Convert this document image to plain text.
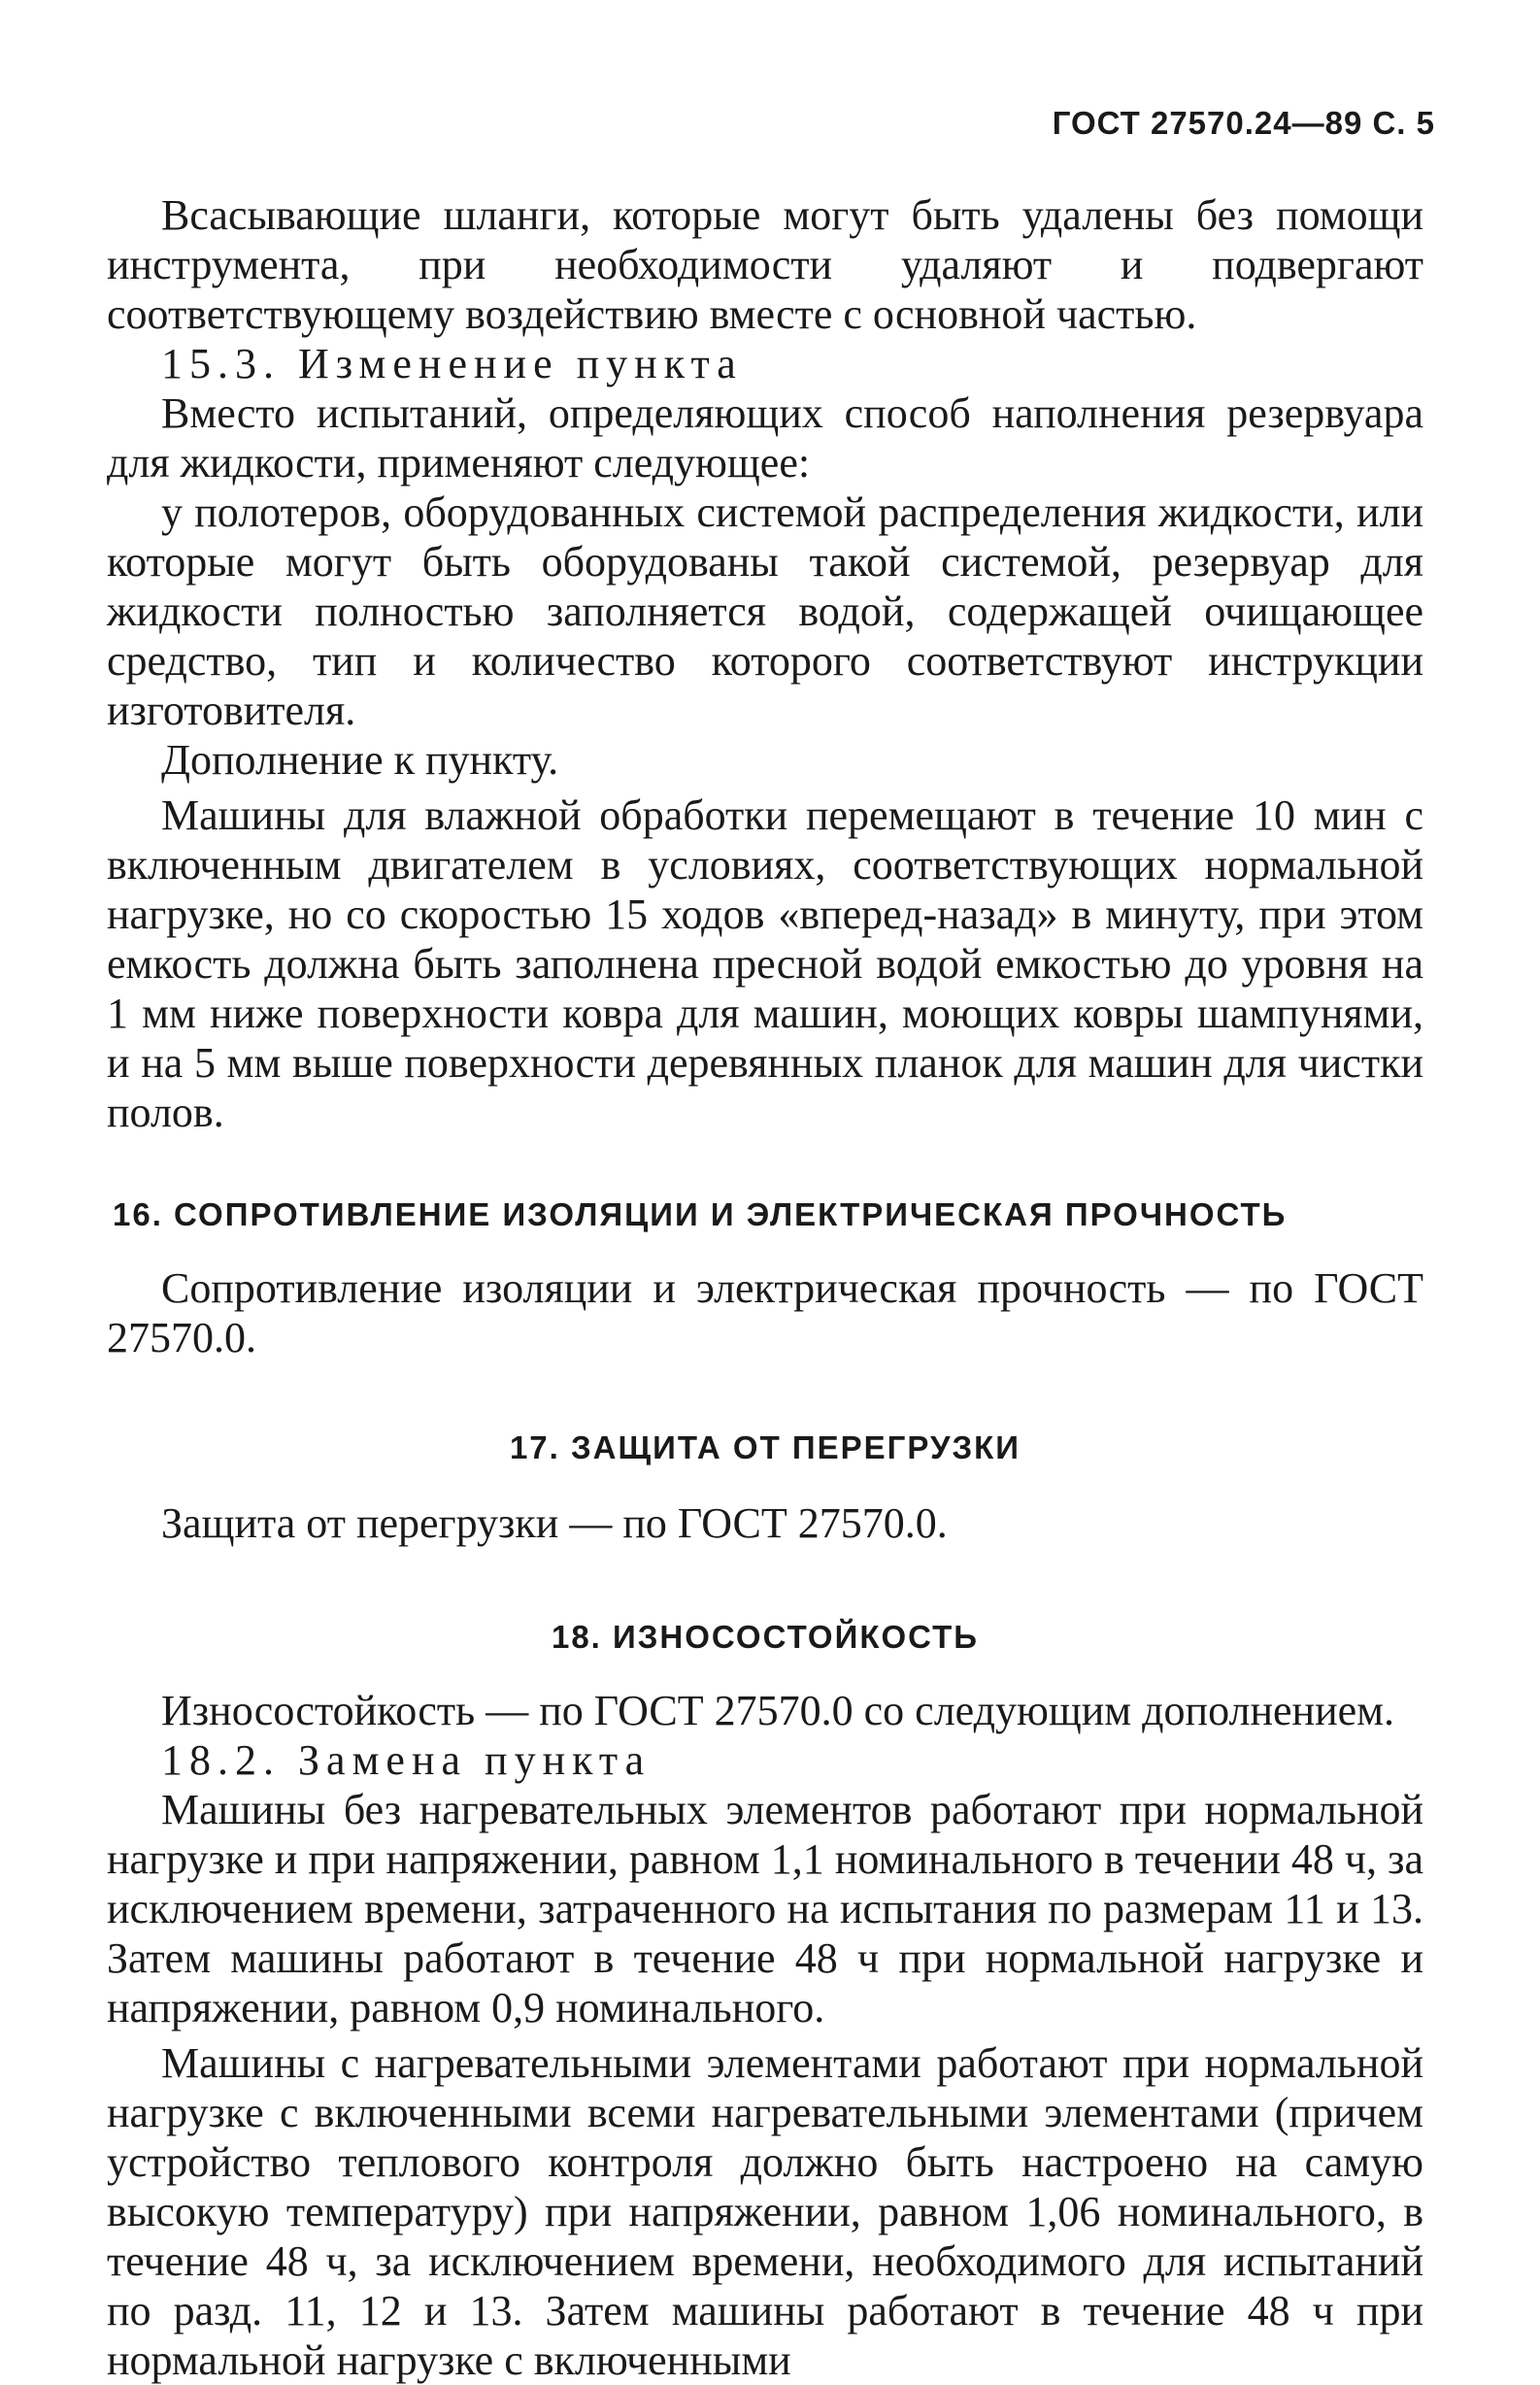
ГОСТ 27570.24—89 С. 5

Всасывающие шланги, которые могут быть удалены без помощи инструмента, при необходимости удаляют и подвергают соответствующему воздействию вместе с основной частью.

15.3. Изменение пункта

Вместо испытаний, определяющих способ наполнения резервуара для жидкости, применяют следующее:

у полотеров, оборудованных системой распределения жидкости, или которые могут быть оборудованы такой системой, резервуар для жидкости полностью заполняется водой, содержащей очищающее средство, тип и количество которого соответствуют инструкции изготовителя.

Дополнение к пункту.

Машины для влажной обработки перемещают в течение 10 мин с включенным двигателем в условиях, соответствующих нормальной нагрузке, но со скоростью 15 ходов «вперед-назад» в минуту, при этом емкость должна быть заполнена пресной водой емкостью до уровня на 1 мм ниже поверхности ковра для машин, моющих ковры шампунями, и на 5 мм выше поверхности деревянных планок для машин для чистки полов.

16. СОПРОТИВЛЕНИЕ ИЗОЛЯЦИИ И ЭЛЕКТРИЧЕСКАЯ ПРОЧНОСТЬ

Сопротивление изоляции и электрическая прочность — по ГОСТ 27570.0.

17. ЗАЩИТА ОТ ПЕРЕГРУЗКИ

Защита от перегрузки — по ГОСТ 27570.0.

18. ИЗНОСОСТОЙКОСТЬ

Износостойкость — по ГОСТ 27570.0 со следующим дополнением.

18.2. Замена пункта

Машины без нагревательных элементов работают при нормальной нагрузке и при напряжении, равном 1,1 номинального в течении 48 ч, за исключением времени, затраченного на испытания по размерам 11 и 13. Затем машины работают в течение 48 ч при нормальной нагрузке и напряжении, равном 0,9 номинального.

Машины с нагревательными элементами работают при нормальной нагрузке с включенными всеми нагревательными элементами (причем устройство теплового контроля должно быть настроено на самую высокую температуру) при напряжении, равном 1,06 номинального, в течение 48 ч, за исключением времени, необходимого для испытаний по разд. 11, 12 и 13. Затем машины работают в течение 48 ч при нормальной нагрузке с включенными
